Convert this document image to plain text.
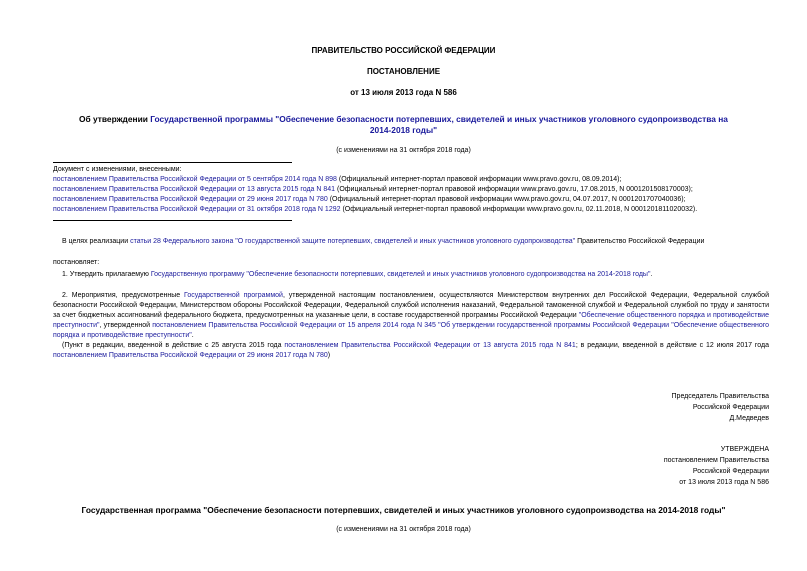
ПРАВИТЕЛЬСТВО РОССИЙСКОЙ ФЕДЕРАЦИИ
ПОСТАНОВЛЕНИЕ
от 13 июля 2013 года N 586
Об утверждении Государственной программы "Обеспечение безопасности потерпевших, свидетелей и иных участников уголовного судопроизводства на 2014-2018 годы"
(с изменениями на 31 октября 2018 года)
Документ с изменениями, внесенными:
постановлением Правительства Российской Федерации от 5 сентября 2014 года N 898 (Официальный интернет-портал правовой информации www.pravo.gov.ru, 08.09.2014);
постановлением Правительства Российской Федерации от 13 августа 2015 года N 841 (Официальный интернет-портал правовой информации www.pravo.gov.ru, 17.08.2015, N 0001201508170003);
постановлением Правительства Российской Федерации от 29 июня 2017 года N 780 (Официальный интернет-портал правовой информации www.pravo.gov.ru, 04.07.2017, N 0001201707040036);
постановлением Правительства Российской Федерации от 31 октября 2018 года N 1292 (Официальный интернет-портал правовой информации www.pravo.gov.ru, 02.11.2018, N 0001201811020032).
В целях реализации статьи 28 Федерального закона "О государственной защите потерпевших, свидетелей и иных участников уголовного судопроизводства" Правительство Российской Федерации
постановляет:
1. Утвердить прилагаемую Государственную программу "Обеспечение безопасности потерпевших, свидетелей и иных участников уголовного судопроизводства на 2014-2018 годы".
2. Мероприятия, предусмотренные Государственной программой, утвержденной настоящим постановлением, осуществляются Министерством внутренних дел Российской Федерации, Федеральной службой безопасности Российской Федерации, Министерством обороны Российской Федерации, Федеральной службой исполнения наказаний, Федеральной таможенной службой и Федеральной службой по труду и занятости за счет бюджетных ассигнований федерального бюджета, предусмотренных на указанные цели, в составе государственной программы Российской Федерации "Обеспечение общественного порядка и противодействие преступности", утвержденной постановлением Правительства Российской Федерации от 15 апреля 2014 года N 345 "Об утверждении государственной программы Российской Федерации "Обеспечение общественного порядка и противодействие преступности".
(Пункт в редакции, введенной в действие с 25 августа 2015 года постановлением Правительства Российской Федерации от 13 августа 2015 года N 841; в редакции, введенной в действие с 12 июля 2017 года постановлением Правительства Российской Федерации от 29 июня 2017 года N 780)
Председатель Правительства
Российской Федерации
Д.Медведев
УТВЕРЖДЕНА
постановлением Правительства
Российской Федерации
от 13 июля 2013 года N 586
Государственная программа "Обеспечение безопасности потерпевших, свидетелей и иных участников уголовного судопроизводства на 2014-2018 годы"
(с изменениями на 31 октября 2018 года)
